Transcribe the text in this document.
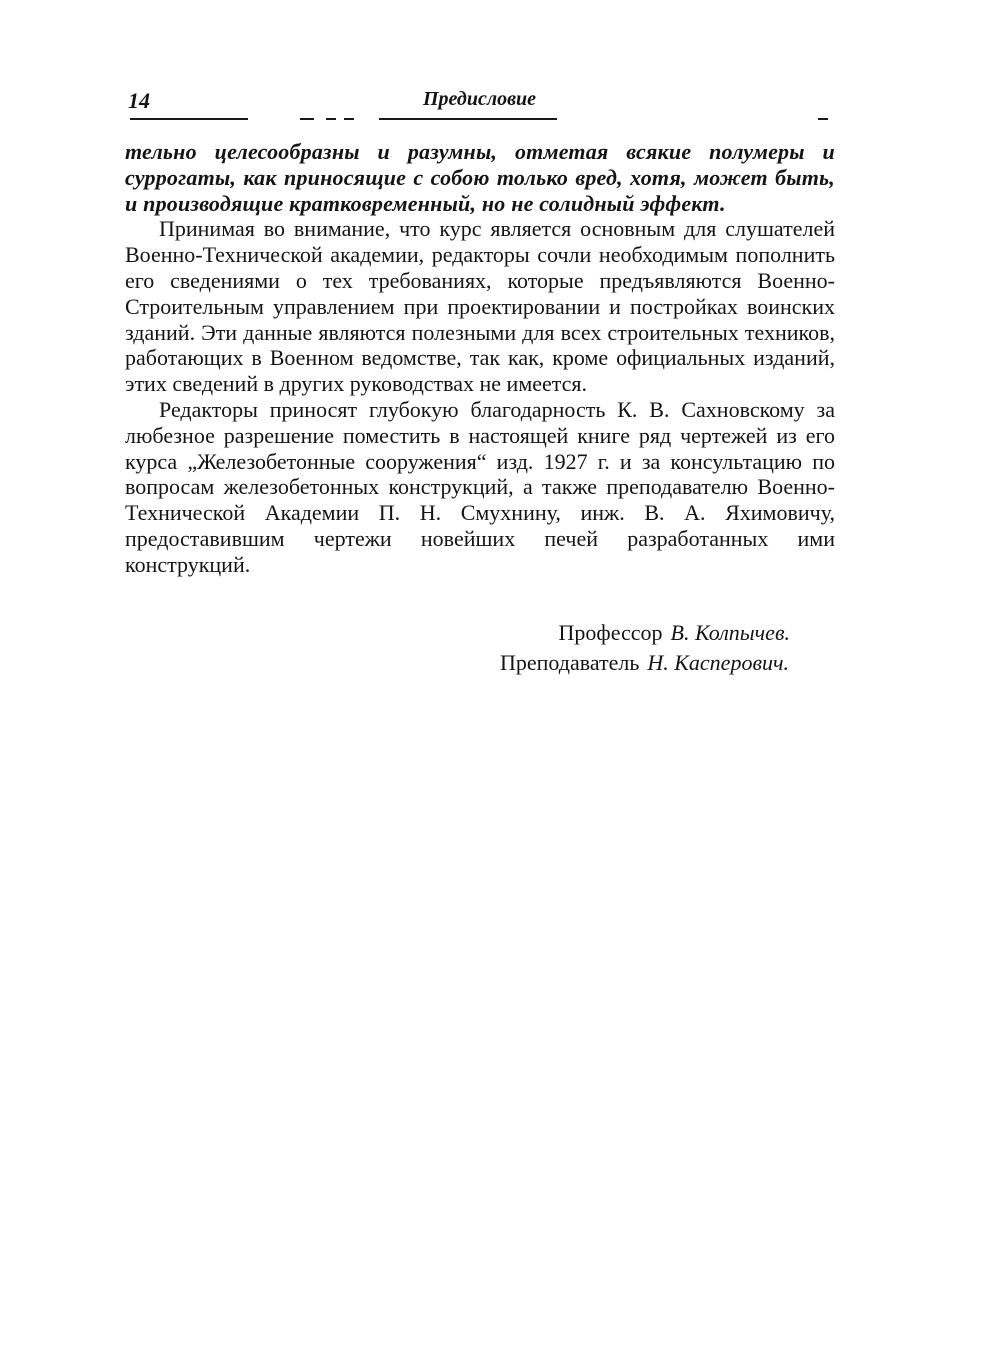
14	Предисловие

тельно целесообразны и разумны, отметая всякие полумеры и суррогаты, как приносящие с собою только вред, хотя, может быть, и производящие кратковременный, но не солидный эффект.

Принимая во внимание, что курс является основным для слушателей Военно-Технической академии, редакторы сочли необходимым пополнить его сведениями о тех требованиях, которые предъявляются Военно-Строительным управлением при проектировании и постройках воинских зданий. Эти данные являются полезными для всех строительных техников, работающих в Военном ведомстве, так как, кроме официальных изданий, этих сведений в других руководствах не имеется.

Редакторы приносят глубокую благодарность К. В. Сахновскому за любезное разрешение поместить в настоящей книге ряд чертежей из его курса „Железобетонные сооружения“ изд. 1927 г. и за консультацию по вопросам железобетонных конструкций, а также преподавателю Военно-Технической Академии П. Н. Смухнину, инж. В. А. Яхимовичу, предоставившим чертежи новейших печей разработанных ими конструкций.

Профессор В. Колпычев.
Преподаватель Н. Касперович.
